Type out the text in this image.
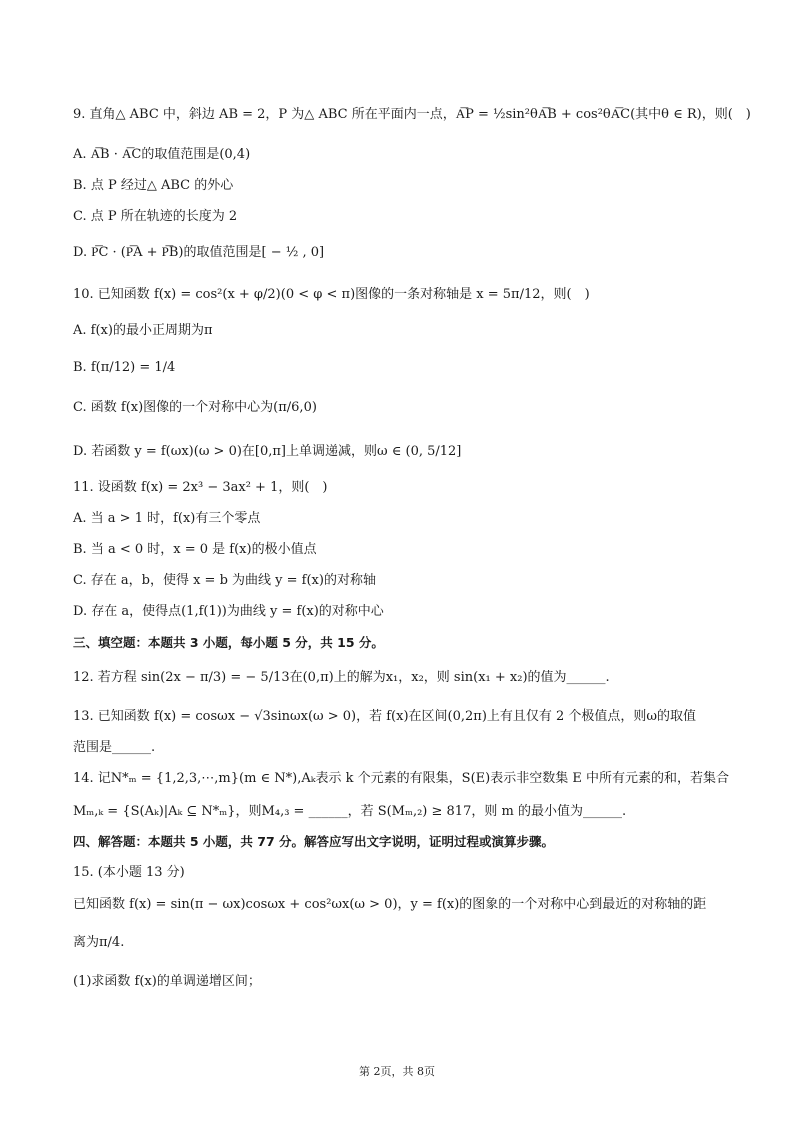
9. 直角△ ABC 中，斜边 AB = 2，P 为△ ABC 所在平面内一点，A͞P = ½sin²θA͞B + cos²θA͞C(其中θ ∈ R)，则(　)
A. A͞B · A͞C的取值范围是(0,4)
B. 点 P 经过△ ABC 的外心
C. 点 P 所在轨迹的长度为 2
D. P͞C · (P͞A + P͞B)的取值范围是[ − ½ , 0]
10. 已知函数 f(x) = cos²(x + φ/2)(0 < φ < π)图像的一条对称轴是 x = 5π/12，则(　)
A. f(x)的最小正周期为π
B. f(π/12) = 1/4
C. 函数 f(x)图像的一个对称中心为(π/6,0)
D. 若函数 y = f(ωx)(ω > 0)在[0,π]上单调递减，则ω ∈ (0, 5/12]
11. 设函数 f(x) = 2x³ − 3ax² + 1，则(　)
A. 当 a > 1 时，f(x)有三个零点
B. 当 a < 0 时，x = 0 是 f(x)的极小值点
C. 存在 a，b，使得 x = b 为曲线 y = f(x)的对称轴
D. 存在 a，使得点(1,f(1))为曲线 y = f(x)的对称中心
三、填空题：本题共 3 小题，每小题 5 分，共 15 分。
12. 若方程 sin(2x − π/3) = − 5/13在(0,π)上的解为x₁，x₂，则 sin(x₁ + x₂)的值为______.
13. 已知函数 f(x) = cosωx − √3sinωx(ω > 0)，若 f(x)在区间(0,2π)上有且仅有 2 个极值点，则ω的取值
范围是______.
14. 记N*ₘ = {1,2,3,⋯,m}(m ∈ N*),Aₖ表示 k 个元素的有限集，S(E)表示非空数集 E 中所有元素的和，若集合
Mₘ,ₖ = {S(Aₖ)|Aₖ ⊆ N*ₘ}，则M₄,₃ = ______，若 S(Mₘ,₂) ≥ 817，则 m 的最小值为______.
四、解答题：本题共 5 小题，共 77 分。解答应写出文字说明，证明过程或演算步骤。
15. (本小题 13 分)
已知函数 f(x) = sin(π − ωx)cosωx + cos²ωx(ω > 0)，y = f(x)的图象的一个对称中心到最近的对称轴的距
离为π/4.
(1)求函数 f(x)的单调递增区间；
第 2页，共 8页
